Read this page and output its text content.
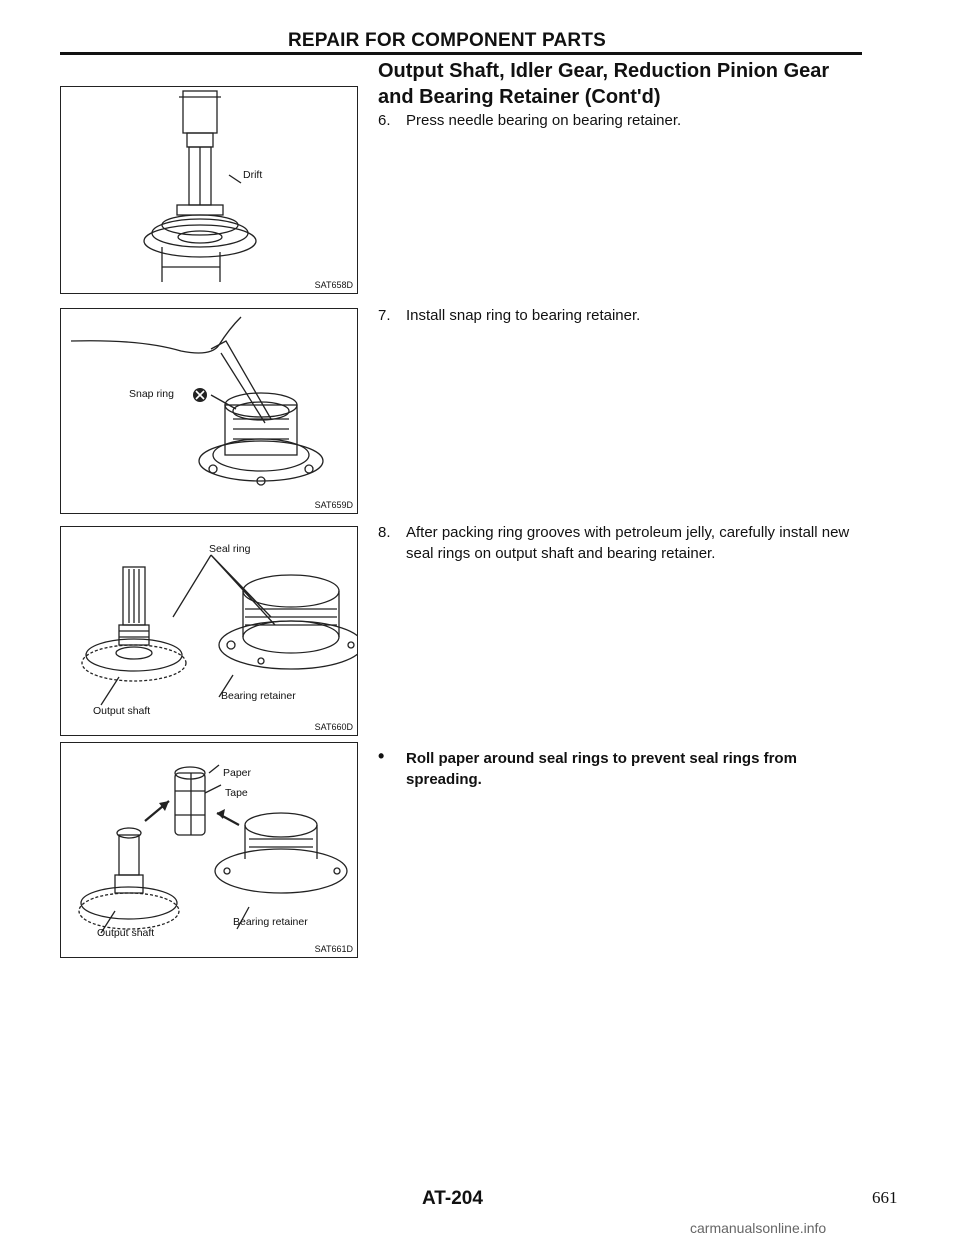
REPAIR FOR COMPONENT PARTS
Output Shaft, Idler Gear, Reduction Pinion Gear
and Bearing Retainer (Cont'd)
6. Press needle bearing on bearing retainer.
7. Install snap ring to bearing retainer.
8. After packing ring grooves with petroleum jelly, carefully install new seal rings on output shaft and bearing retainer.
• Roll paper around seal rings to prevent seal rings from spreading.
Drift
SAT658D
Snap ring
SAT659D
Seal ring
Bearing retainer
Output shaft
SAT660D
Paper
Tape
Output shaft
Bearing retainer
SAT661D
AT-204	661
carmanualsonline.info
